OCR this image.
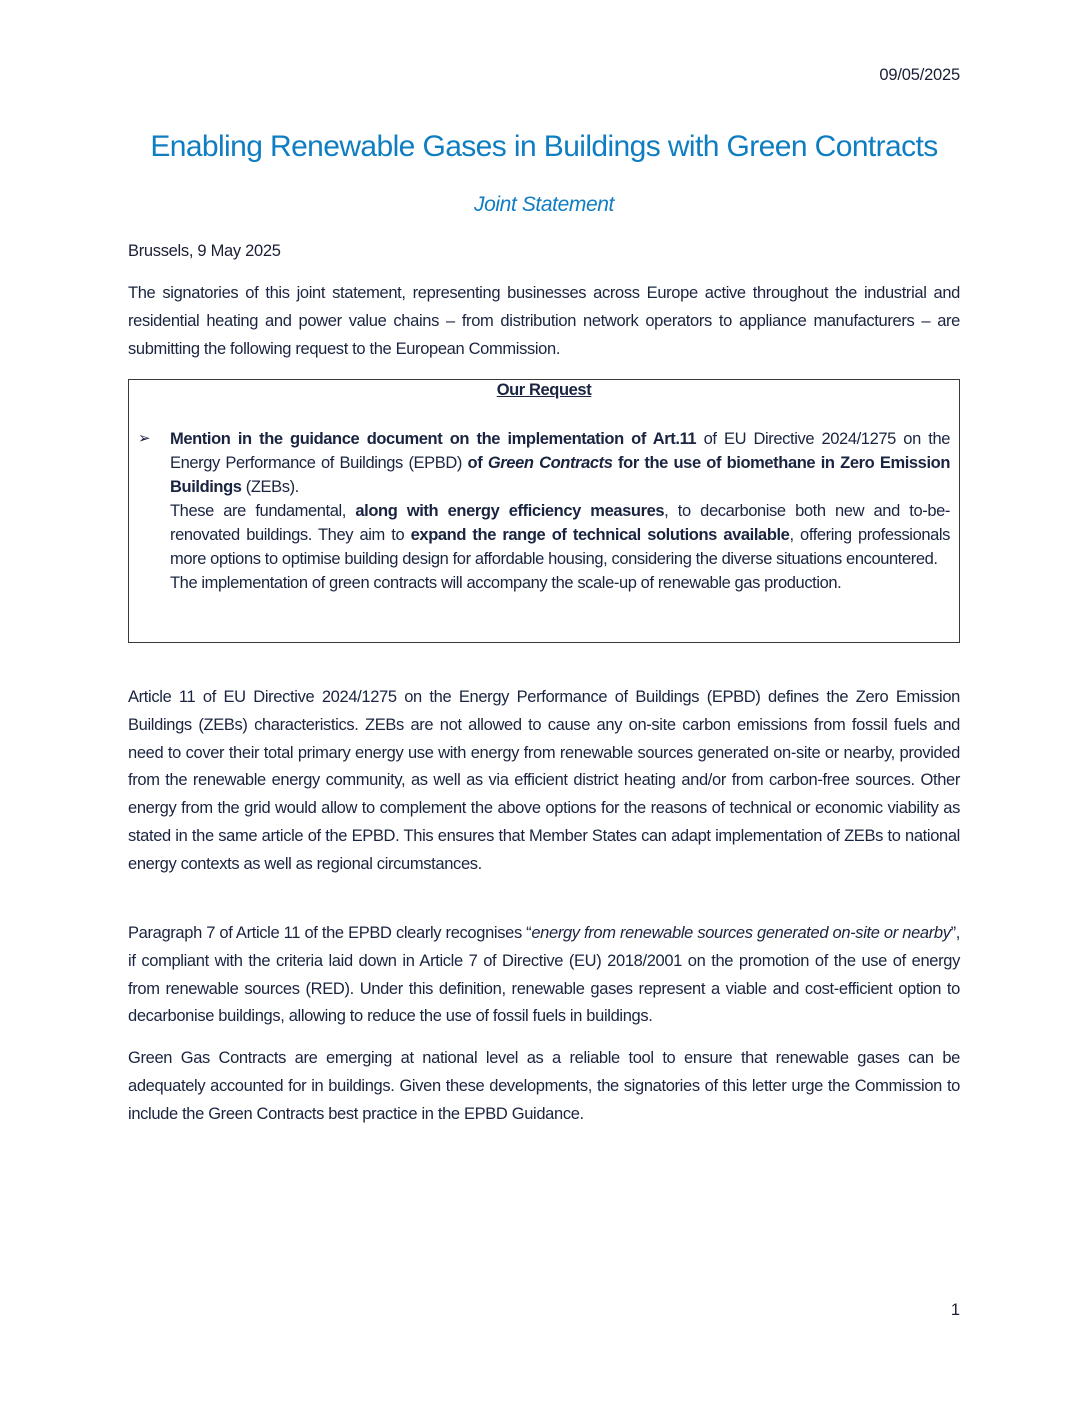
09/05/2025
Enabling Renewable Gases in Buildings with Green Contracts
Joint Statement
Brussels, 9 May 2025

The signatories of this joint statement, representing businesses across Europe active throughout the industrial and residential heating and power value chains – from distribution network operators to appliance manufacturers – are submitting the following request to the European Commission.

Our Request
➢ Mention in the guidance document on the implementation of Art.11 of EU Directive 2024/1275 on the Energy Performance of Buildings (EPBD) of Green Contracts for the use of biomethane in Zero Emission Buildings (ZEBs).

These are fundamental, along with energy efficiency measures, to decarbonise both new and to-be-renovated buildings. They aim to expand the range of technical solutions available, offering professionals more options to optimise building design for affordable housing, considering the diverse situations encountered.

The implementation of green contracts will accompany the scale-up of renewable gas production.

Article 11 of EU Directive 2024/1275 on the Energy Performance of Buildings (EPBD) defines the Zero Emission Buildings (ZEBs) characteristics. ZEBs are not allowed to cause any on-site carbon emissions from fossil fuels and need to cover their total primary energy use with energy from renewable sources generated on-site or nearby, provided from the renewable energy community, as well as via efficient district heating and/or from carbon-free sources. Other energy from the grid would allow to complement the above options for the reasons of technical or economic viability as stated in the same article of the EPBD. This ensures that Member States can adapt implementation of ZEBs to national energy contexts as well as regional circumstances.

Paragraph 7 of Article 11 of the EPBD clearly recognises “energy from renewable sources generated on-site or nearby”, if compliant with the criteria laid down in Article 7 of Directive (EU) 2018/2001 on the promotion of the use of energy from renewable sources (RED). Under this definition, renewable gases represent a viable and cost-efficient option to decarbonise buildings, allowing to reduce the use of fossil fuels in buildings.

Green Gas Contracts are emerging at national level as a reliable tool to ensure that renewable gases can be adequately accounted for in buildings. Given these developments, the signatories of this letter urge the Commission to include the Green Contracts best practice in the EPBD Guidance.

1
